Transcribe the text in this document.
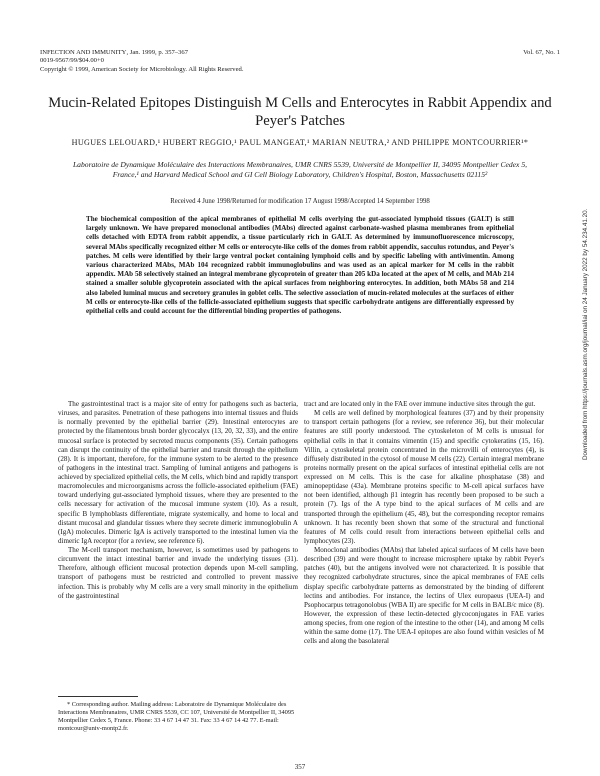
INFECTION AND IMMUNITY, Jan. 1999, p. 357–367
0019-9567/99/$04.00+0
Copyright © 1999, American Society for Microbiology. All Rights Reserved.
Vol. 67, No. 1
Mucin-Related Epitopes Distinguish M Cells and Enterocytes in Rabbit Appendix and Peyer's Patches
HUGUES LELOUARD,¹ HUBERT REGGIO,¹ PAUL MANGEAT,¹ MARIAN NEUTRA,² AND PHILIPPE MONTCOURRIER¹*
Laboratoire de Dynamique Moléculaire des Interactions Membranaires, UMR CNRS 5539, Université de Montpellier II, 34095 Montpellier Cedex 5, France,¹ and Harvard Medical School and GI Cell Biology Laboratory, Children's Hospital, Boston, Massachusetts 02115²
Received 4 June 1998/Returned for modification 17 August 1998/Accepted 14 September 1998
The biochemical composition of the apical membranes of epithelial M cells overlying the gut-associated lymphoid tissues (GALT) is still largely unknown. We have prepared monoclonal antibodies (MAbs) directed against carbonate-washed plasma membranes from epithelial cells detached with EDTA from rabbit appendix, a tissue particularly rich in GALT. As determined by immunofluorescence microscopy, several MAbs specifically recognized either M cells or enterocyte-like cells of the domes from rabbit appendix, sacculus rotundus, and Peyer's patches. M cells were identified by their large ventral pocket containing lymphoid cells and by specific labeling with antivimentin. Among various characterized MAbs, MAb 104 recognized rabbit immunoglobulins and was used as an apical marker for M cells in the rabbit appendix. MAb 58 selectively stained an integral membrane glycoprotein of greater than 205 kDa located at the apex of M cells, and MAb 214 stained a smaller soluble glycoprotein associated with the apical surfaces from neighboring enterocytes. In addition, both MAbs 58 and 214 also labeled luminal mucus and secretory granules in goblet cells. The selective association of mucin-related molecules at the surfaces of either M cells or enterocyte-like cells of the follicle-associated epithelium suggests that specific carbohydrate antigens are differentially expressed by epithelial cells and could account for the differential binding properties of pathogens.

The gastrointestinal tract is a major site of entry for pathogens such as bacteria, viruses, and parasites. Penetration of these pathogens into internal tissues and fluids is normally prevented by the epithelial barrier (29). Intestinal enterocytes are protected by the filamentous brush border glycocalyx (13, 20, 32, 33), and the entire mucosal surface is protected by secreted mucus components (35). Certain pathogens can disrupt the continuity of the epithelial barrier and transit through the epithelium (28). It is important, therefore, for the immune system to be alerted to the presence of pathogens in the intestinal tract. Sampling of luminal antigens and pathogens is achieved by specialized epithelial cells, the M cells, which bind and rapidly transport macromolecules and microorganisms across the follicle-associated epithelium (FAE) toward underlying gut-associated lymphoid tissues, where they are presented to the cells necessary for activation of the mucosal immune system (10). As a result, specific B lymphoblasts differentiate, migrate systemically, and home to local and distant mucosal and glandular tissues where they secrete dimeric immunoglobulin A (IgA) molecules. Dimeric IgA is actively transported to the intestinal lumen via the dimeric IgA receptor (for a review, see reference 6).

The M-cell transport mechanism, however, is sometimes used by pathogens to circumvent the intact intestinal barrier and invade the underlying tissues (31). Therefore, although efficient mucosal protection depends upon M-cell sampling, transport of pathogens must be restricted and controlled to prevent massive infection. This is probably why M cells are a very small minority in the epithelium of the gastrointestinal

tract and are located only in the FAE over immune inductive sites through the gut.

M cells are well defined by morphological features (37) and by their propensity to transport certain pathogens (for a review, see reference 36), but their molecular features are still poorly understood. The cytoskeleton of M cells is unusual for epithelial cells in that it contains vimentin (15) and specific cytokeratins (15, 16). Villin, a cytoskeletal protein concentrated in the microvilli of enterocytes (4), is diffusely distributed in the cytosol of mouse M cells (22). Certain integral membrane proteins normally present on the apical surfaces of intestinal epithelial cells are not expressed on M cells. This is the case for alkaline phosphatase (38) and aminopeptidase (43a). Membrane proteins specific to M-cell apical surfaces have not been identified, although β1 integrin has recently been proposed to be such a protein (7). Igs of the A type bind to the apical surfaces of M cells and are transported through the epithelium (45, 48), but the corresponding receptor remains unknown. It has recently been shown that some of the structural and functional features of M cells could result from interactions between epithelial cells and lymphocytes (23).

Monoclonal antibodies (MAbs) that labeled apical surfaces of M cells have been described (39) and were thought to increase microsphere uptake by rabbit Peyer's patches (40), but the antigens involved were not characterized. It is possible that they recognized carbohydrate structures, since the apical membranes of FAE cells display specific carbohydrate patterns as demonstrated by the binding of different lectins and antibodies. For instance, the lectins of Ulex europaeus (UEA-I) and Psophocarpus tetragonolobus (WBA II) are specific for M cells in BALB/c mice (8). However, the expression of these lectin-detected glycoconjugates in FAE varies among species, from one region of the intestine to the other (14), and among M cells within the same dome (17). The UEA-I epitopes are also found within vesicles of M cells and along the basolateral

* Corresponding author. Mailing address: Laboratoire de Dynamique Moléculaire des Interactions Membranaires, UMR CNRS 5539, CC 107, Université de Montpellier II, 34095 Montpellier Cedex 5, France. Phone: 33 4 67 14 47 31. Fax: 33 4 67 14 42 77. E-mail: montcour@univ-montp2.fr.

357
Downloaded from https://journals.asm.org/journal/iai on 24 January 2022 by 54.234.41.20.
